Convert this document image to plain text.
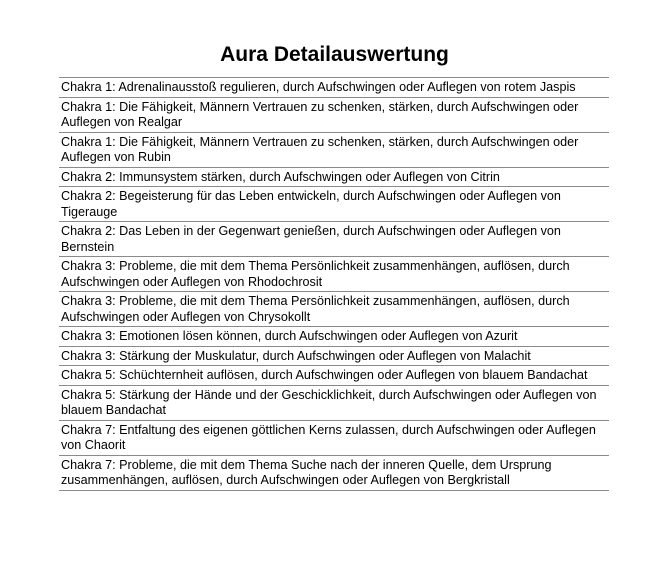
Aura Detailauswertung
Chakra 1: Adrenalinausstoß regulieren, durch Aufschwingen oder Auflegen von rotem Jaspis
Chakra 1: Die Fähigkeit, Männern Vertrauen zu schenken, stärken, durch Aufschwingen oder Auflegen von Realgar
Chakra 1: Die Fähigkeit, Männern Vertrauen zu schenken, stärken, durch Aufschwingen oder Auflegen von Rubin
Chakra 2: Immunsystem stärken, durch Aufschwingen oder Auflegen von Citrin
Chakra 2: Begeisterung für das Leben entwickeln, durch Aufschwingen oder Auflegen von Tigerauge
Chakra 2: Das Leben in der Gegenwart genießen, durch Aufschwingen oder Auflegen von Bernstein
Chakra 3: Probleme, die mit dem Thema Persönlichkeit zusammenhängen, auflösen, durch Aufschwingen oder Auflegen von Rhodochrosit
Chakra 3: Probleme, die mit dem Thema Persönlichkeit zusammenhängen, auflösen, durch Aufschwingen oder Auflegen von Chrysokollt
Chakra 3: Emotionen lösen können, durch Aufschwingen oder Auflegen von Azurit
Chakra 3: Stärkung der Muskulatur, durch Aufschwingen oder Auflegen von Malachit
Chakra 5: Schüchternheit auflösen, durch Aufschwingen oder Auflegen von blauem Bandachat
Chakra 5: Stärkung der Hände und der Geschicklichkeit, durch Aufschwingen oder Auflegen von blauem Bandachat
Chakra 7: Entfaltung des eigenen göttlichen Kerns zulassen, durch Aufschwingen oder Auflegen von Chaorit
Chakra 7: Probleme, die mit dem Thema Suche nach der inneren Quelle, dem Ursprung zusammenhängen, auflösen, durch Aufschwingen oder Auflegen von Bergkristall
